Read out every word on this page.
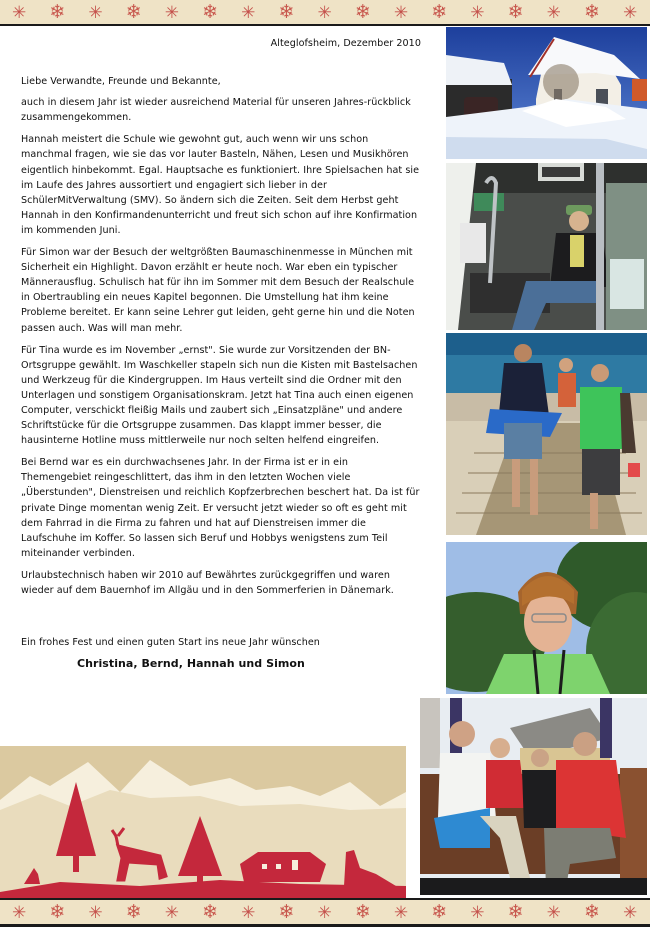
✳ ❄ ✳ ❄ ✳ ❄ ✳ ❄ ✳ ❄ ✳ ❄ ✳ ❄ ✳ ❄ ✳

Alteglofsheim, Dezember 2010

Liebe Verwandte, Freunde und Bekannte,

auch in diesem Jahr ist wieder ausreichend Material für unseren Jahres-rückblick zusammengekommen.

Hannah meistert die Schule wie gewohnt gut, auch wenn wir uns schon manchmal fragen, wie sie das vor lauter Basteln, Nähen, Lesen und Musikhören eigentlich hinbekommt. Egal. Hauptsache es funktioniert. Ihre Spielsachen hat sie im Laufe des Jahres aussortiert und engagiert sich lieber in der SchülerMitVerwaltung (SMV). So ändern sich die Zeiten. Seit dem Herbst geht Hannah in den Konfirmandenunterricht und freut sich schon auf ihre Konfirmation im kommenden Juni.

Für Simon war der Besuch der weltgrößten Baumaschinenmesse in München mit Sicherheit ein Highlight. Davon erzählt er heute noch. War eben ein typischer Männerausflug. Schulisch hat für ihn im Sommer mit dem Besuch der Realschule in Obertraubling ein neues Kapitel begonnen. Die Umstellung hat ihm keine Probleme bereitet. Er kann seine Lehrer gut leiden, geht gerne hin und die Noten passen auch. Was will man mehr.

Für Tina wurde es im November „ernst". Sie wurde zur Vorsitzenden der BN-Ortsgruppe gewählt. Im Waschkeller stapeln sich nun die Kisten mit Bastelsachen und Werkzeug für die Kindergruppen. Im Haus verteilt sind die Ordner mit den Unterlagen und sonstigem Organisationskram. Jetzt hat Tina auch einen eigenen Computer, verschickt fleißig Mails und zaubert sich „Einsatzpläne" und andere Schriftstücke für die Ortsgruppe zusammen. Das klappt immer besser, die hausinterne Hotline muss mittlerweile nur noch selten helfend eingreifen.

Bei Bernd war es ein durchwachsenes Jahr. In der Firma ist er in ein Themengebiet reingeschlittert, das ihm in den letzten Wochen viele „Überstunden", Dienstreisen und reichlich Kopfzerbrechen beschert hat. Da ist für private Dinge momentan wenig Zeit. Er versucht jetzt wieder so oft es geht mit dem Fahrrad in die Firma zu fahren und hat auf Dienstreisen immer die Laufschuhe im Koffer. So lassen sich Beruf und Hobbys wenigstens zum Teil miteinander verbinden.

Urlaubstechnisch haben wir 2010 auf Bewährtes zurückgegriffen und waren wieder auf dem Bauernhof im Allgäu und in den Sommerferien in Dänemark.

Ein frohes Fest und einen guten Start ins neue Jahr wünschen

Christina, Bernd, Hannah und Simon

✳ ❄ ✳ ❄ ✳ ❄ ✳ ❄ ✳ ❄ ✳ ❄ ✳ ❄ ✳ ❄ ✳
